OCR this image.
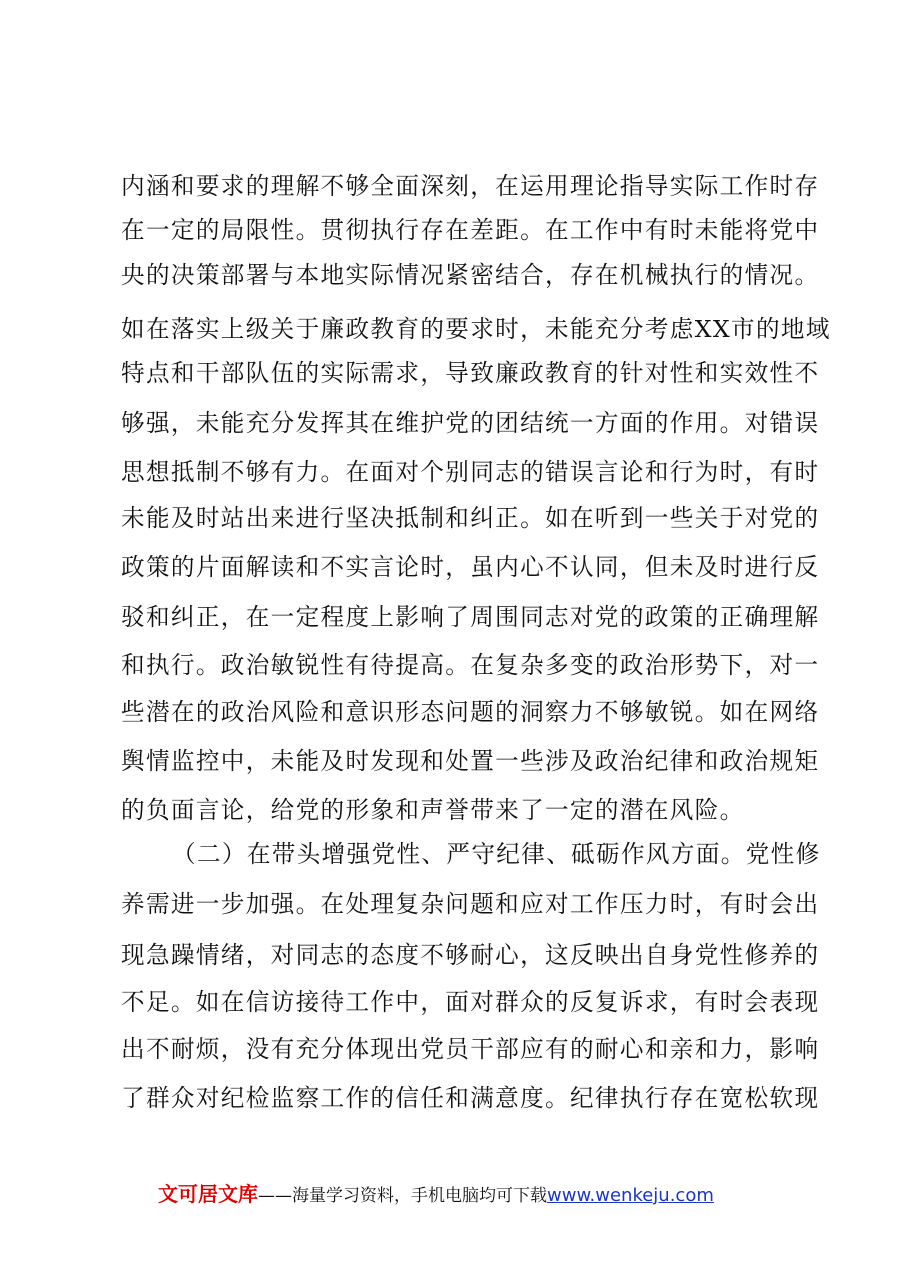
内涵和要求的理解不够全面深刻，在运用理论指导实际工作时存
在一定的局限性。贯彻执行存在差距。在工作中有时未能将党中
央的决策部署与本地实际情况紧密结合，存在机械执行的情况。
如在落实上级关于廉政教育的要求时，未能充分考虑XX市的地域
特点和干部队伍的实际需求，导致廉政教育的针对性和实效性不
够强，未能充分发挥其在维护党的团结统一方面的作用。对错误
思想抵制不够有力。在面对个别同志的错误言论和行为时，有时
未能及时站出来进行坚决抵制和纠正。如在听到一些关于对党的
政策的片面解读和不实言论时，虽内心不认同，但未及时进行反
驳和纠正，在一定程度上影响了周围同志对党的政策的正确理解
和执行。政治敏锐性有待提高。在复杂多变的政治形势下，对一
些潜在的政治风险和意识形态问题的洞察力不够敏锐。如在网络
舆情监控中，未能及时发现和处置一些涉及政治纪律和政治规矩
的负面言论，给党的形象和声誉带来了一定的潜在风险。
（二）在带头增强党性、严守纪律、砥砺作风方面。党性修
养需进一步加强。在处理复杂问题和应对工作压力时，有时会出
现急躁情绪，对同志的态度不够耐心，这反映出自身党性修养的
不足。如在信访接待工作中，面对群众的反复诉求，有时会表现
出不耐烦，没有充分体现出党员干部应有的耐心和亲和力，影响
了群众对纪检监察工作的信任和满意度。纪律执行存在宽松软现
文可居文库——海量学习资料，手机电脑均可下载www.wenkeju.com
